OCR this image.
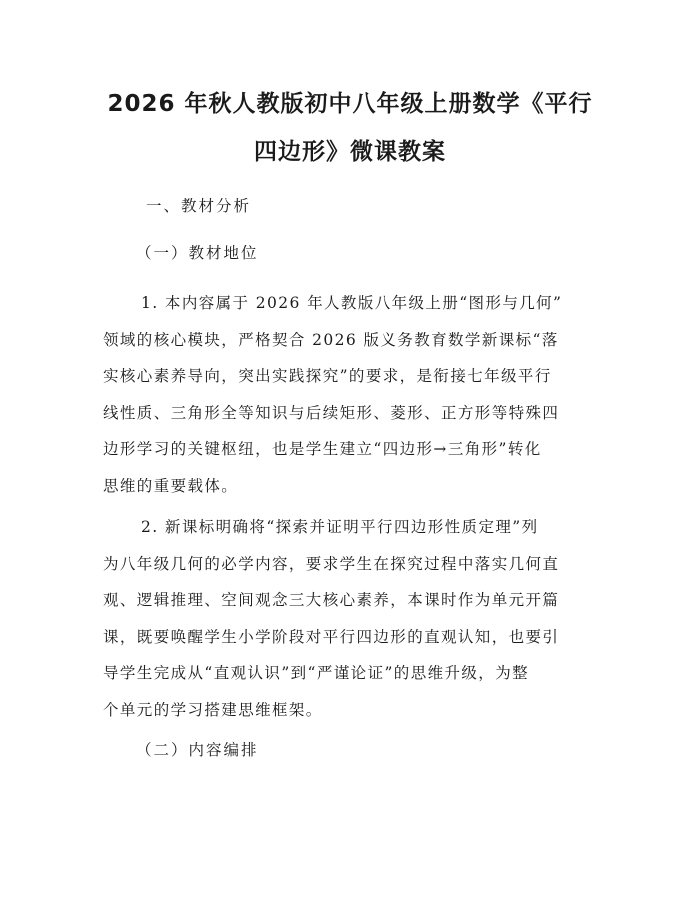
2026 年秋人教版初中八年级上册数学《平行
四边形》微课教案

一、教材分析

（一）教材地位

1. 本内容属于 2026 年人教版八年级上册“图形与几何”
领域的核心模块，严格契合 2026 版义务教育数学新课标“落
实核心素养导向，突出实践探究”的要求，是衔接七年级平行
线性质、三角形全等知识与后续矩形、菱形、正方形等特殊四
边形学习的关键枢纽，也是学生建立“四边形→三角形”转化
思维的重要载体。
2. 新课标明确将“探索并证明平行四边形性质定理”列
为八年级几何的必学内容，要求学生在探究过程中落实几何直
观、逻辑推理、空间观念三大核心素养，本课时作为单元开篇
课，既要唤醒学生小学阶段对平行四边形的直观认知，也要引
导学生完成从“直观认识”到“严谨论证”的思维升级，为整
个单元的学习搭建思维框架。

（二）内容编排
